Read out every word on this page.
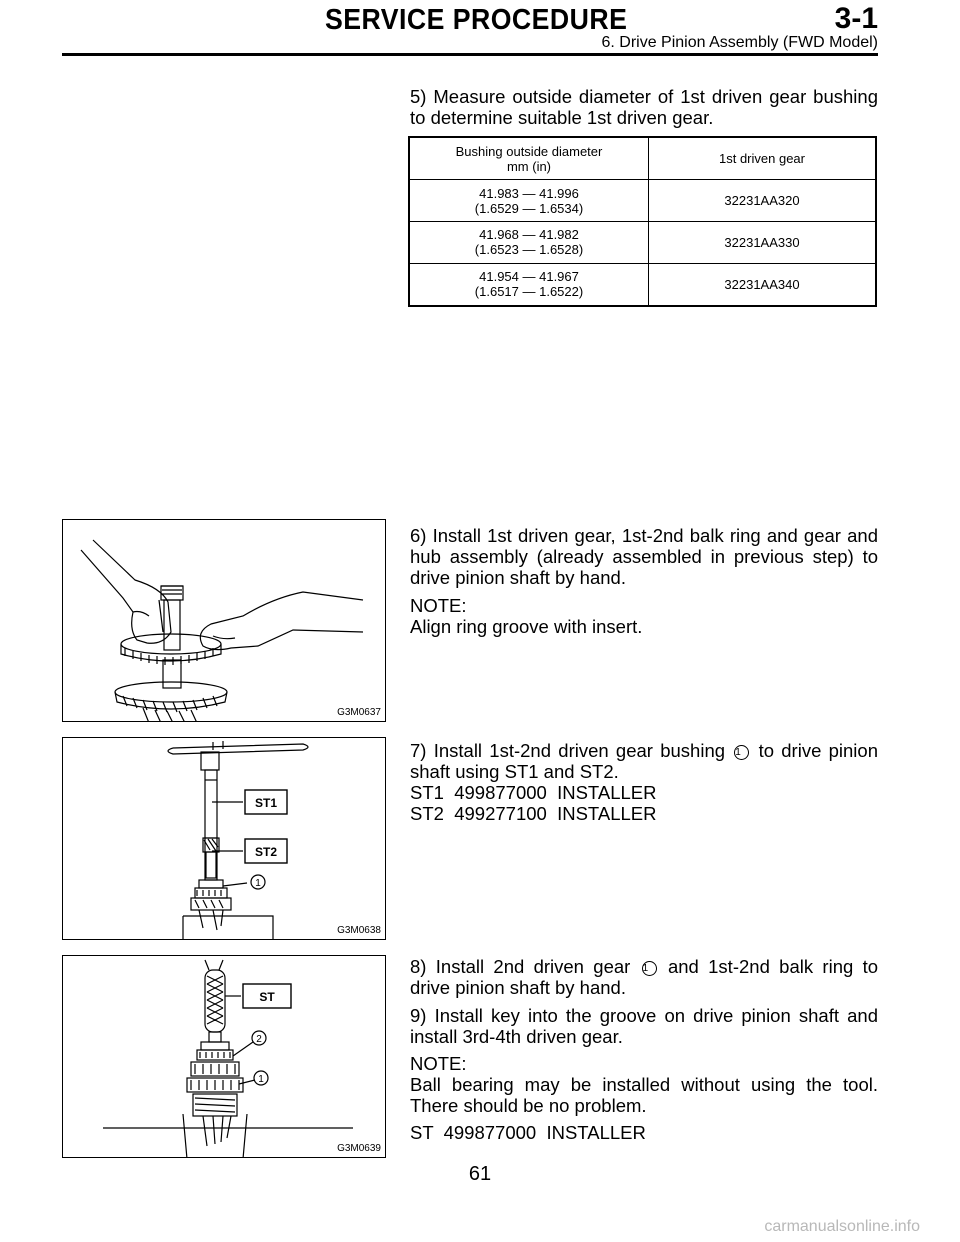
SERVICE PROCEDURE	3-1
6. Drive Pinion Assembly (FWD Model)
5) Measure outside diameter of 1st driven gear bushing to determine suitable 1st driven gear.
Bushing outside diameter
mm (in)	1st driven gear
41.983 — 41.996
(1.6529 — 1.6534)	32231AA320
41.968 — 41.982
(1.6523 — 1.6528)	32231AA330
41.954 — 41.967
(1.6517 — 1.6522)	32231AA340
G3M0637
6) Install 1st driven gear, 1st-2nd balk ring and gear and hub assembly (already assembled in previous step) to drive pinion shaft by hand.
NOTE:
Align ring groove with insert.
ST1
ST2
1
G3M0638
7) Install 1st-2nd driven gear bushing 1 to drive pinion shaft using ST1 and ST2.
ST1  499877000  INSTALLER
ST2  499277100  INSTALLER
ST
2
1
G3M0639
8) Install 2nd driven gear 1 and 1st-2nd balk ring to drive pinion shaft by hand.
9) Install key into the groove on drive pinion shaft and install 3rd-4th driven gear.
NOTE:
Ball bearing may be installed without using the tool. There should be no problem.
ST  499877000  INSTALLER
61
carmanualsonline.info
